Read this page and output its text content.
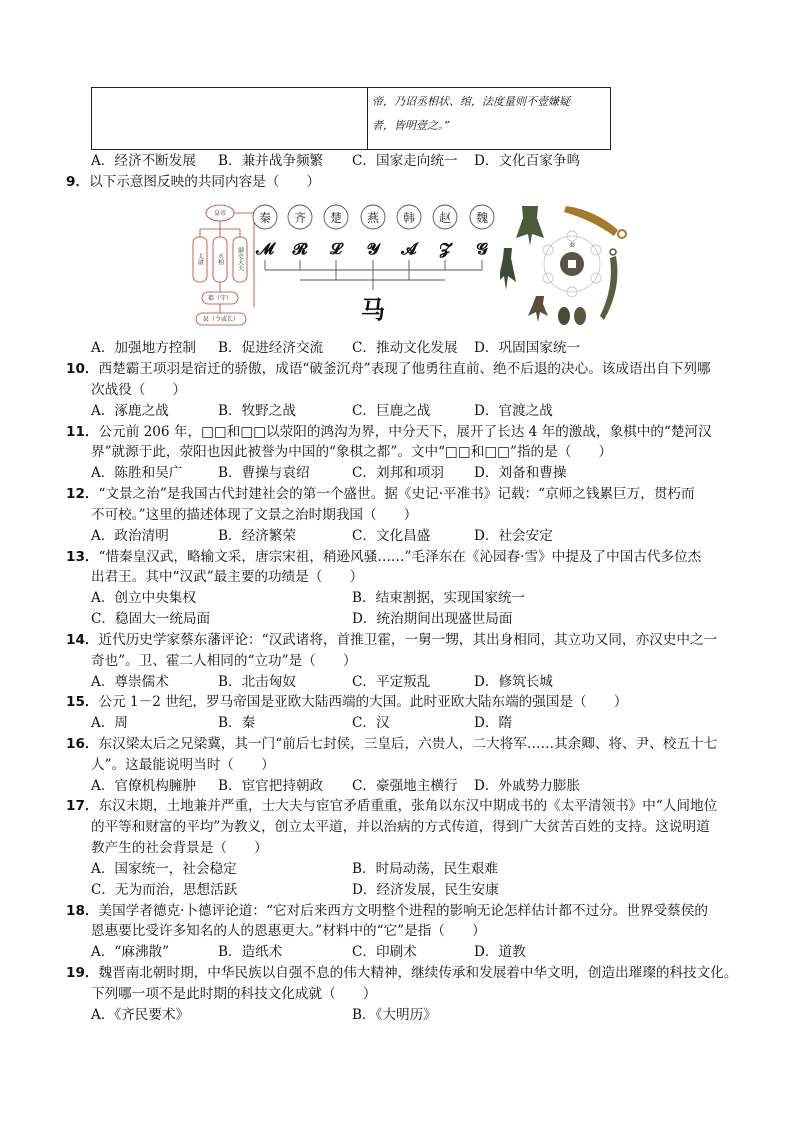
帝，乃诏丞相状、绾，法度量则不壹嫌疑
者，皆明壹之。”
A．经济不断发展 B．兼并战争频繁 C．国家走向统一 D．文化百家争鸣
9．以下示意图反映的共同内容是（　　）
皇帝
太尉 丞相 御史大夫
郡（守）
县（令或长）
秦 齐 楚 燕 韩 赵 魏
𝓜 𝓡 𝓛 𝓨 𝓐 𝓩 𝓖
马
秦
A．加强地方控制 B．促进经济交流 C．推动文化发展 D．巩固国家统一
10．西楚霸王项羽是宿迁的骄傲，成语“破釜沉舟”表现了他勇往直前、绝不后退的决心。该成语出自下列哪
次战役（　　）
A．涿鹿之战	B．牧野之战	C．巨鹿之战	D．官渡之战
11．公元前 206 年，□□和□□以荥阳的鸿沟为界，中分天下，展开了长达 4 年的激战，象棋中的“楚河汉
界”就源于此，荥阳也因此被誉为中国的“象棋之都”。文中“□□和□□”指的是（　　）
A．陈胜和吴广	B．曹操与袁绍	C．刘邦和项羽 D．刘备和曹操
12．“文景之治”是我国古代封建社会的第一个盛世。据《史记·平准书》记载：“京师之钱累巨万，贯朽而
不可校。”这里的描述体现了文景之治时期我国（　　）
A．政治清明	B．经济繁荣	C．文化昌盛	D．社会安定
13．“惜秦皇汉武，略输文采，唐宗宋祖，稍逊风骚……”毛泽东在《沁园春·雪》中提及了中国古代多位杰
出君王。其中“汉武”最主要的功绩是（　　）
A．创立中央集权	B．结束割据，实现国家统一
C．稳固大一统局面	D．统治期间出现盛世局面
14．近代历史学家蔡东藩评论：“汉武诸将，首推卫霍，一舅一甥，其出身相同，其立功又同，亦汉史中之一
奇也”。卫、霍二人相同的“立功”是（　　）
A．尊崇儒术	B．北击匈奴	C．平定叛乱	D．修筑长城
15．公元 1－2 世纪，罗马帝国是亚欧大陆西端的大国。此时亚欧大陆东端的强国是（　　）
A．周	B．秦	C．汉	D．隋
16．东汉梁太后之兄梁冀，其一门“前后七封侯，三皇后，六贵人，二大将军……其余卿、将、尹、校五十七
人”。这最能说明当时（　　）
A．官僚机构臃肿 B．宦官把持朝政 C．豪强地主横行 D．外戚势力膨胀
17．东汉末期，土地兼并严重，士大夫与宦官矛盾重重，张角以东汉中期成书的《太平清领书》中“人间地位
的平等和财富的平均”为教义，创立太平道，并以治病的方式传道，得到广大贫苦百姓的支持。这说明道
教产生的社会背景是（　　）
A．国家统一，社会稳定	B．时局动荡，民生艰难
C．无为而治，思想活跃	D．经济发展，民生安康
18．美国学者德克·卜德评论道：“它对后来西方文明整个进程的影响无论怎样估计都不过分。世界受蔡侯的
恩惠要比受许多知名的人的恩惠更大。”材料中的“它”是指（　　）
A．“麻沸散”	B．造纸术	C．印刷术	D．道教
19．魏晋南北朝时期，中华民族以自强不息的伟大精神，继续传承和发展着中华文明，创造出璀璨的科技文化。
下列哪一项不是此时期的科技文化成就（　　）
A．《齐民要术》	B．《大明历》
